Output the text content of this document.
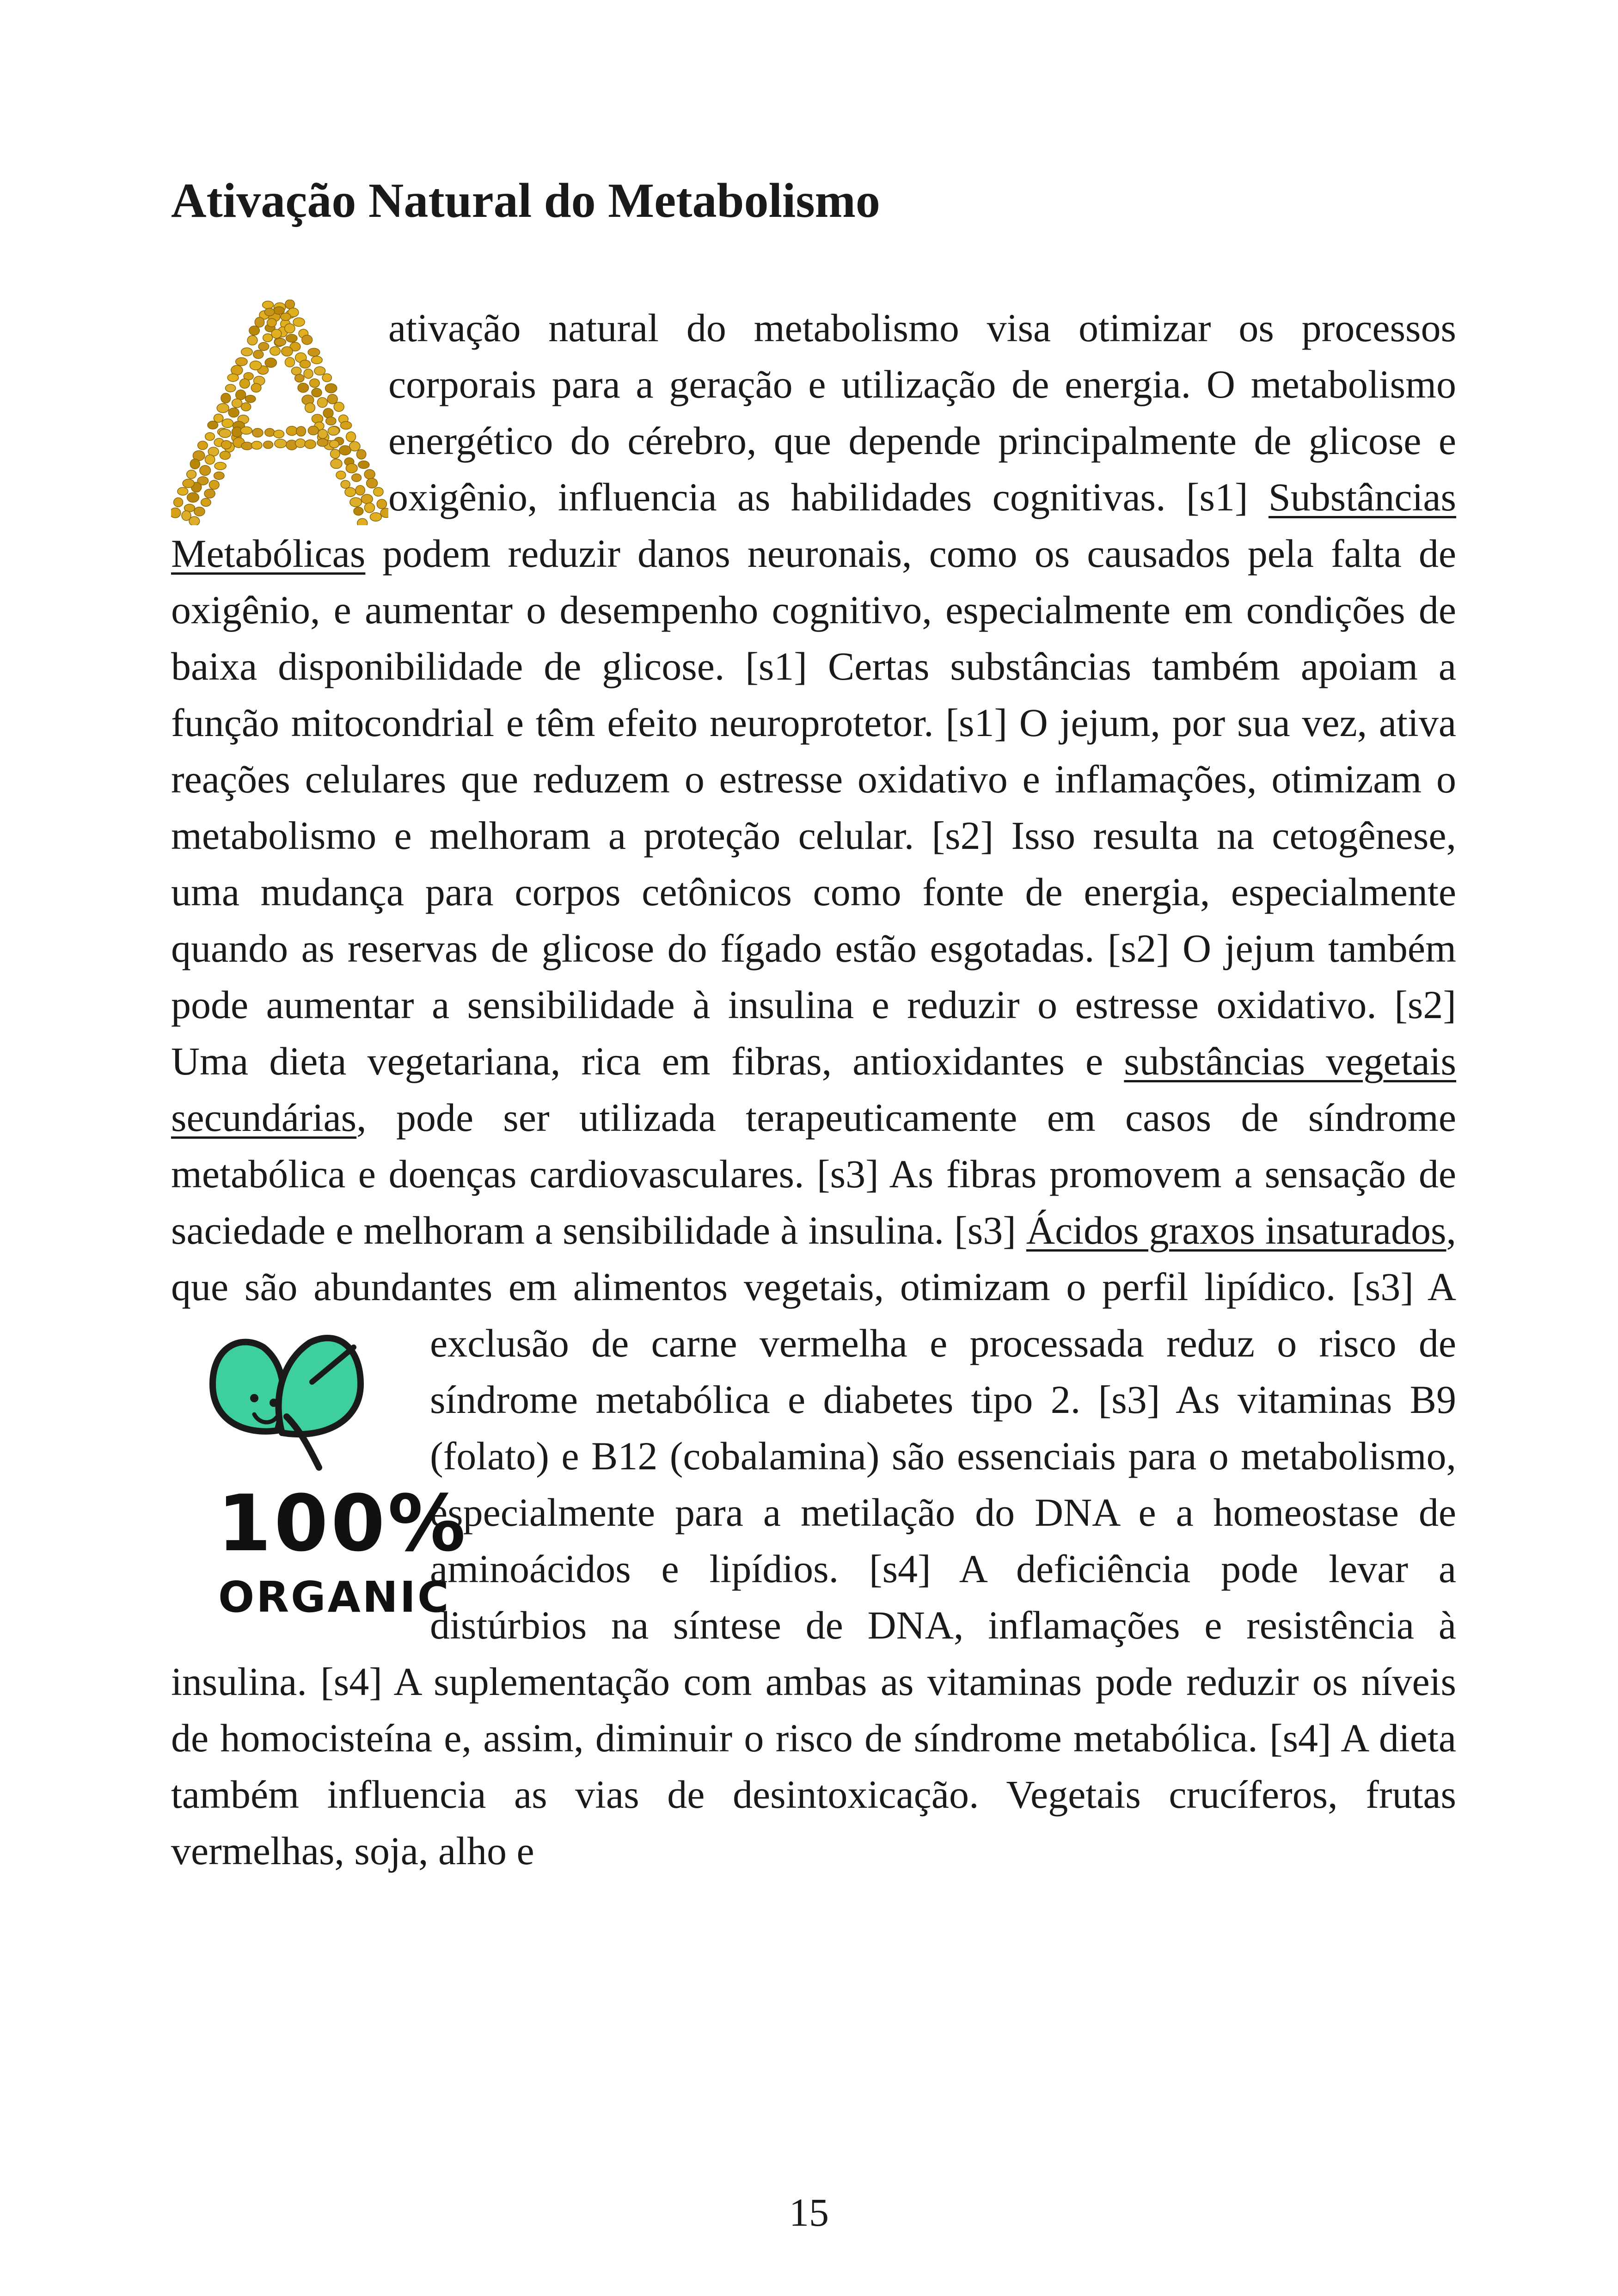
Ativação Natural do Metabolismo
ativação natural do metabolismo visa otimizar os processos corporais para a geração e utilização de energia. O metabolismo energético do cérebro, que depende principalmente de glicose e oxigênio, influencia as habilidades cognitivas. [s1] Substâncias Metabólicas podem reduzir danos neuronais, como os causados pela falta de oxigênio, e aumentar o desempenho cognitivo, especialmente em condições de baixa disponibilidade de glicose. [s1] Certas substâncias também apoiam a função mitocondrial e têm efeito neuroprotetor. [s1] O jejum, por sua vez, ativa reações celulares que reduzem o estresse oxidativo e inflamações, otimizam o metabolismo e melhoram a proteção celular. [s2] Isso resulta na cetogênese, uma mudança para corpos cetônicos como fonte de energia, especialmente quando as reservas de glicose do fígado estão esgotadas. [s2] O jejum também pode aumentar a sensibilidade à insulina e reduzir o estresse oxidativo. [s2] Uma dieta vegetariana, rica em fibras, antioxidantes e substâncias vegetais secundárias, pode ser utilizada terapeuticamente em casos de síndrome metabólica e doenças cardiovasculares. [s3] As fibras promovem a sensação de saciedade e melhoram a sensibilidade à insulina. [s3] Ácidos graxos insaturados, que são abundantes em alimentos vegetais, otimizam o perfil lipídico. [s3] A exclusão de carne vermelha e
100%
ORGANIC
processada reduz o risco de síndrome metabólica e diabetes tipo 2. [s3] As vitaminas B9 (folato) e B12 (cobalamina) são essenciais para o metabolismo, especialmente para a metilação do DNA e a homeostase de aminoácidos e lipídios. [s4] A deficiência pode levar a distúrbios na síntese de DNA, inflamações e resistência à insulina. [s4] A suplementação com ambas as vitaminas pode reduzir os níveis de homocisteína e, assim, diminuir o risco de síndrome metabólica. [s4] A dieta também influencia as vias de desintoxicação. Vegetais crucíferos, frutas vermelhas, soja, alho e
15
